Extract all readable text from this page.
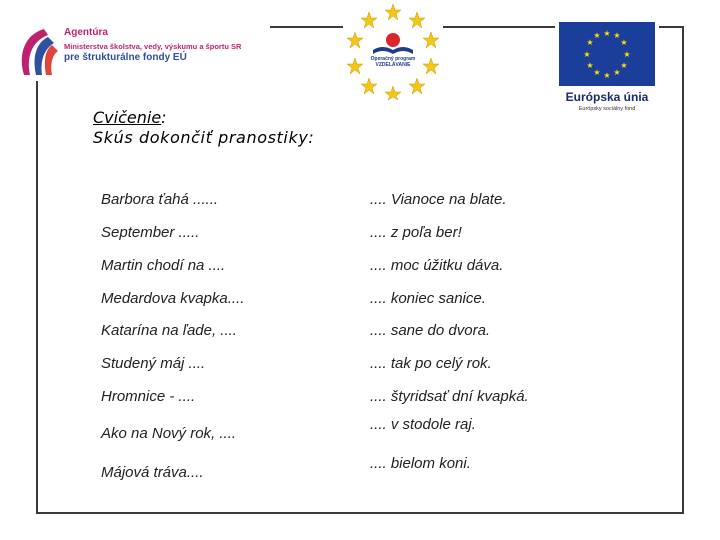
Agentúra
Ministerstva školstva, vedy, výskumu a športu SR
pre štrukturálne fondy EÚ	Operačný program
VZDELÁVANIE
★ ★
★
★
★
★
★
★
★
★
★
★
Európska únia
Európsky sociálny fond
Cvičenie:
Skús dokončiť pranostiky:
Barbora ťahá ......
September .....
Martin chodí na ....
Medardova kvapka....
Katarína na ľade, ....
Studený máj ....
Hromnice - ....
Ako na Nový rok, ....
Májová tráva....
.... Vianoce na blate.
.... z poľa ber!
.... moc úžitku dáva.
.... koniec sanice.
.... sane do dvora.
.... tak po celý rok.
.... štyridsať dní kvapká.
.... v stodole raj.
.... bielom koni.
